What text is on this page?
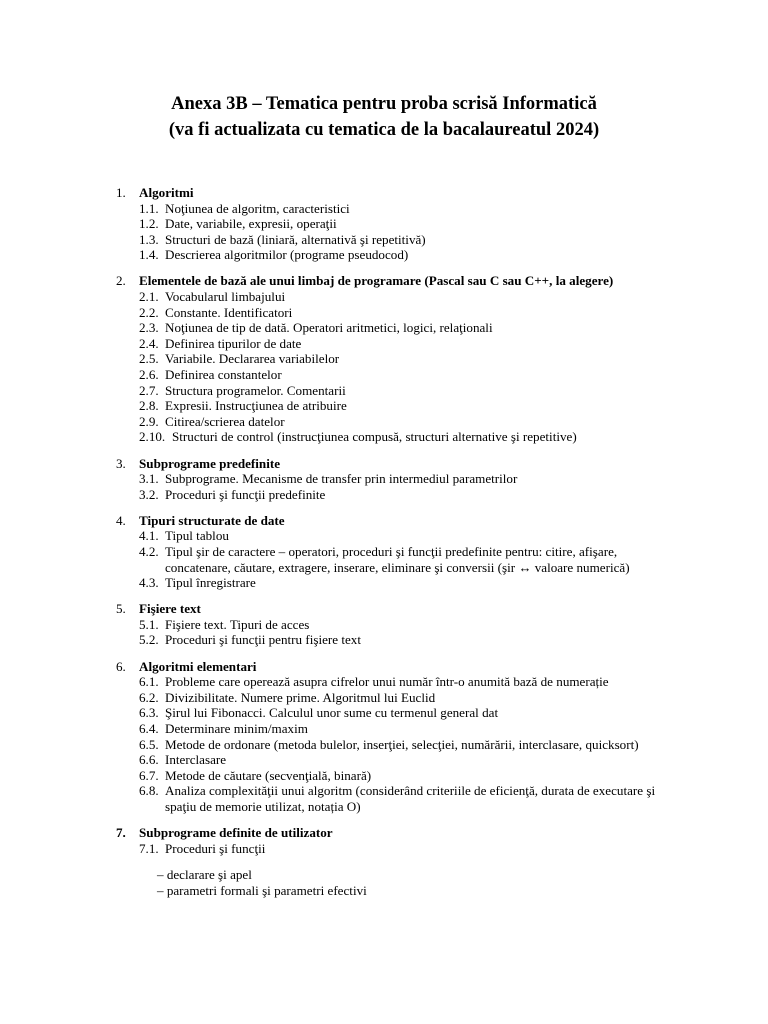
Anexa 3B – Tematica pentru proba scrisă Informatică
(va fi actualizata cu tematica de la bacalaureatul 2024)
1.	Algoritmi
1.1. Noţiunea de algoritm, caracteristici
1.2. Date, variabile, expresii, operaţii
1.3. Structuri de bază (liniară, alternativă şi repetitivă)
1.4. Descrierea algoritmilor (programe pseudocod)
2.	Elementele de bază ale unui limbaj de programare (Pascal sau C sau C++, la alegere)
2.1. Vocabularul limbajului
2.2. Constante. Identificatori
2.3. Noţiunea de tip de dată. Operatori aritmetici, logici, relaţionali
2.4. Definirea tipurilor de date
2.5. Variabile. Declararea variabilelor
2.6. Definirea constantelor
2.7. Structura programelor. Comentarii
2.8. Expresii. Instrucţiunea de atribuire
2.9. Citirea/scrierea datelor
2.10. Structuri de control (instrucţiunea compusă, structuri alternative şi repetitive)
3.	Subprograme predefinite
3.1. Subprograme. Mecanisme de transfer prin intermediul parametrilor
3.2. Proceduri şi funcţii predefinite
4.	Tipuri structurate de date
4.1. Tipul tablou
4.2. Tipul şir de caractere – operatori, proceduri şi funcţii predefinite pentru: citire, afişare, concatenare, căutare, extragere, inserare, eliminare şi conversii (şir ↔ valoare numerică)
4.3. Tipul înregistrare
5.	Fişiere text
5.1. Fişiere text. Tipuri de acces
5.2. Proceduri şi funcţii pentru fişiere text
6.	Algoritmi elementari
6.1. Probleme care operează asupra cifrelor unui număr într-o anumită bază de numerație
6.2. Divizibilitate. Numere prime. Algoritmul lui Euclid
6.3. Şirul lui Fibonacci. Calculul unor sume cu termenul general dat
6.4. Determinare minim/maxim
6.5. Metode de ordonare (metoda bulelor, inserţiei, selecţiei, numărării, interclasare, quicksort)
6.6. Interclasare
6.7. Metode de căutare (secvenţială, binară)
6.8. Analiza complexităţii unui algoritm (considerând criteriile de eficienţă, durata de executare şi spaţiu de memorie utilizat, notația O)
7.	Subprograme definite de utilizator
7.1. Proceduri şi funcţii
– declarare şi apel
– parametri formali şi parametri efectivi
